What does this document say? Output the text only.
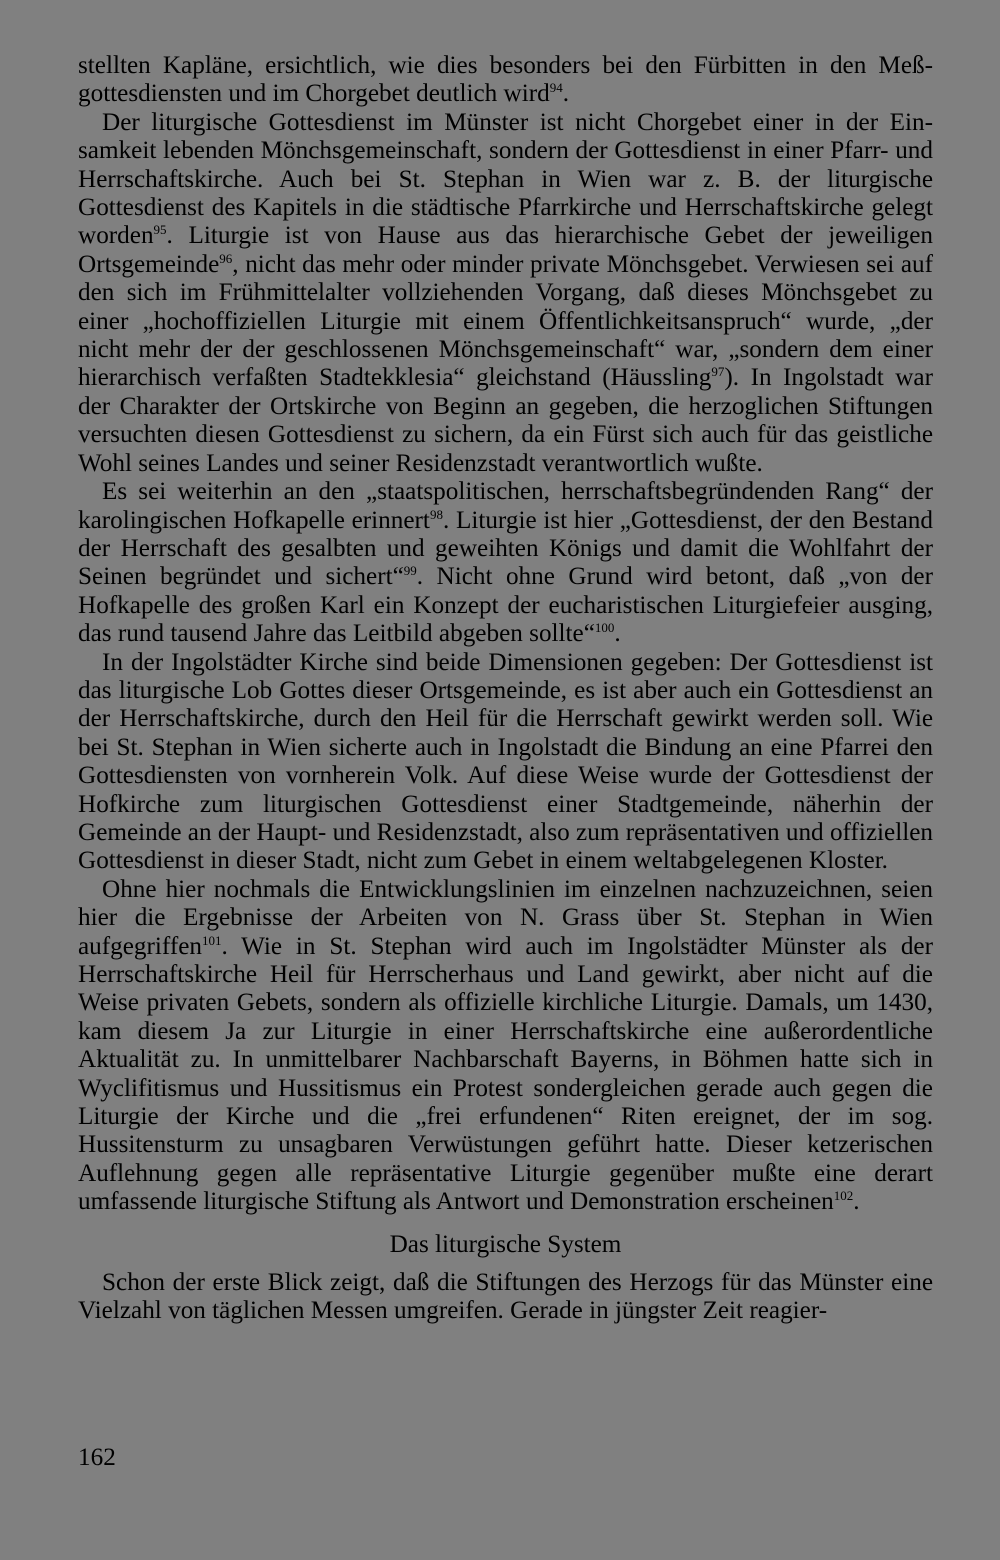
stellten Kapläne, ersichtlich, wie dies besonders bei den Fürbitten in den Meßgottesdiensten und im Chorgebet deutlich wird$^{94}$.

Der liturgische Gottesdienst im Münster ist nicht Chorgebet einer in der Einsamkeit lebenden Mönchsgemeinschaft, sondern der Gottesdienst in einer Pfarr- und Herrschaftskirche. Auch bei St. Stephan in Wien war z. B. der liturgische Gottesdienst des Kapitels in die städtische Pfarrkirche und Herrschaftskirche gelegt worden$^{95}$. Liturgie ist von Hause aus das hierarchische Gebet der jeweiligen Ortsgemeinde$^{96}$, nicht das mehr oder minder private Mönchsgebet. Verwiesen sei auf den sich im Frühmittelalter vollziehenden Vorgang, daß dieses Mönchsgebet zu einer „hochoffiziellen Liturgie mit einem Öffentlichkeitsanspruch“ wurde, „der nicht mehr der der geschlossenen Mönchsgemeinschaft“ war, „sondern dem einer hierarchisch verfaßten Stadtekklesia“ gleichstand (Häussling$^{97}$). In Ingolstadt war der Charakter der Ortskirche von Beginn an gegeben, die herzoglichen Stiftungen versuchten diesen Gottesdienst zu sichern, da ein Fürst sich auch für das geistliche Wohl seines Landes und seiner Residenzstadt verantwortlich wußte.

Es sei weiterhin an den „staatspolitischen, herrschaftsbegründenden Rang“ der karolingischen Hofkapelle erinnert$^{98}$. Liturgie ist hier „Gottesdienst, der den Bestand der Herrschaft des gesalbten und geweihten Königs und damit die Wohlfahrt der Seinen begründet und sichert“$^{99}$. Nicht ohne Grund wird betont, daß „von der Hofkapelle des großen Karl ein Konzept der eucharistischen Liturgiefeier ausging, das rund tausend Jahre das Leitbild abgeben sollte“$^{100}$.

In der Ingolstädter Kirche sind beide Dimensionen gegeben: Der Gottesdienst ist das liturgische Lob Gottes dieser Ortsgemeinde, es ist aber auch ein Gottesdienst an der Herrschaftskirche, durch den Heil für die Herrschaft gewirkt werden soll. Wie bei St. Stephan in Wien sicherte auch in Ingolstadt die Bindung an eine Pfarrei den Gottesdiensten von vornherein Volk. Auf diese Weise wurde der Gottesdienst der Hofkirche zum liturgischen Gottesdienst einer Stadtgemeinde, näherhin der Gemeinde an der Haupt- und Residenzstadt, also zum repräsentativen und offiziellen Gottesdienst in dieser Stadt, nicht zum Gebet in einem weltabgelegenen Kloster.

Ohne hier nochmals die Entwicklungslinien im einzelnen nachzuzeichnen, seien hier die Ergebnisse der Arbeiten von N. Grass über St. Stephan in Wien aufgegriffen$^{101}$. Wie in St. Stephan wird auch im Ingolstädter Münster als der Herrschaftskirche Heil für Herrscherhaus und Land gewirkt, aber nicht auf die Weise privaten Gebets, sondern als offizielle kirchliche Liturgie. Damals, um 1430, kam diesem Ja zur Liturgie in einer Herrschaftskirche eine außerordentliche Aktualität zu. In unmittelbarer Nachbarschaft Bayerns, in Böhmen hatte sich in Wyclifitismus und Hussitismus ein Protest sondergleichen gerade auch gegen die Liturgie der Kirche und die „frei erfundenen“ Riten ereignet, der im sog. Hussitensturm zu unsagbaren Verwüstungen geführt hatte. Dieser ketzerischen Auflehnung gegen alle repräsentative Liturgie gegenüber mußte eine derart umfassende liturgische Stiftung als Antwort und Demonstration erscheinen$^{102}$.

Das liturgische System

Schon der erste Blick zeigt, daß die Stiftungen des Herzogs für das Münster eine Vielzahl von täglichen Messen umgreifen. Gerade in jüngster Zeit reagier-

162
